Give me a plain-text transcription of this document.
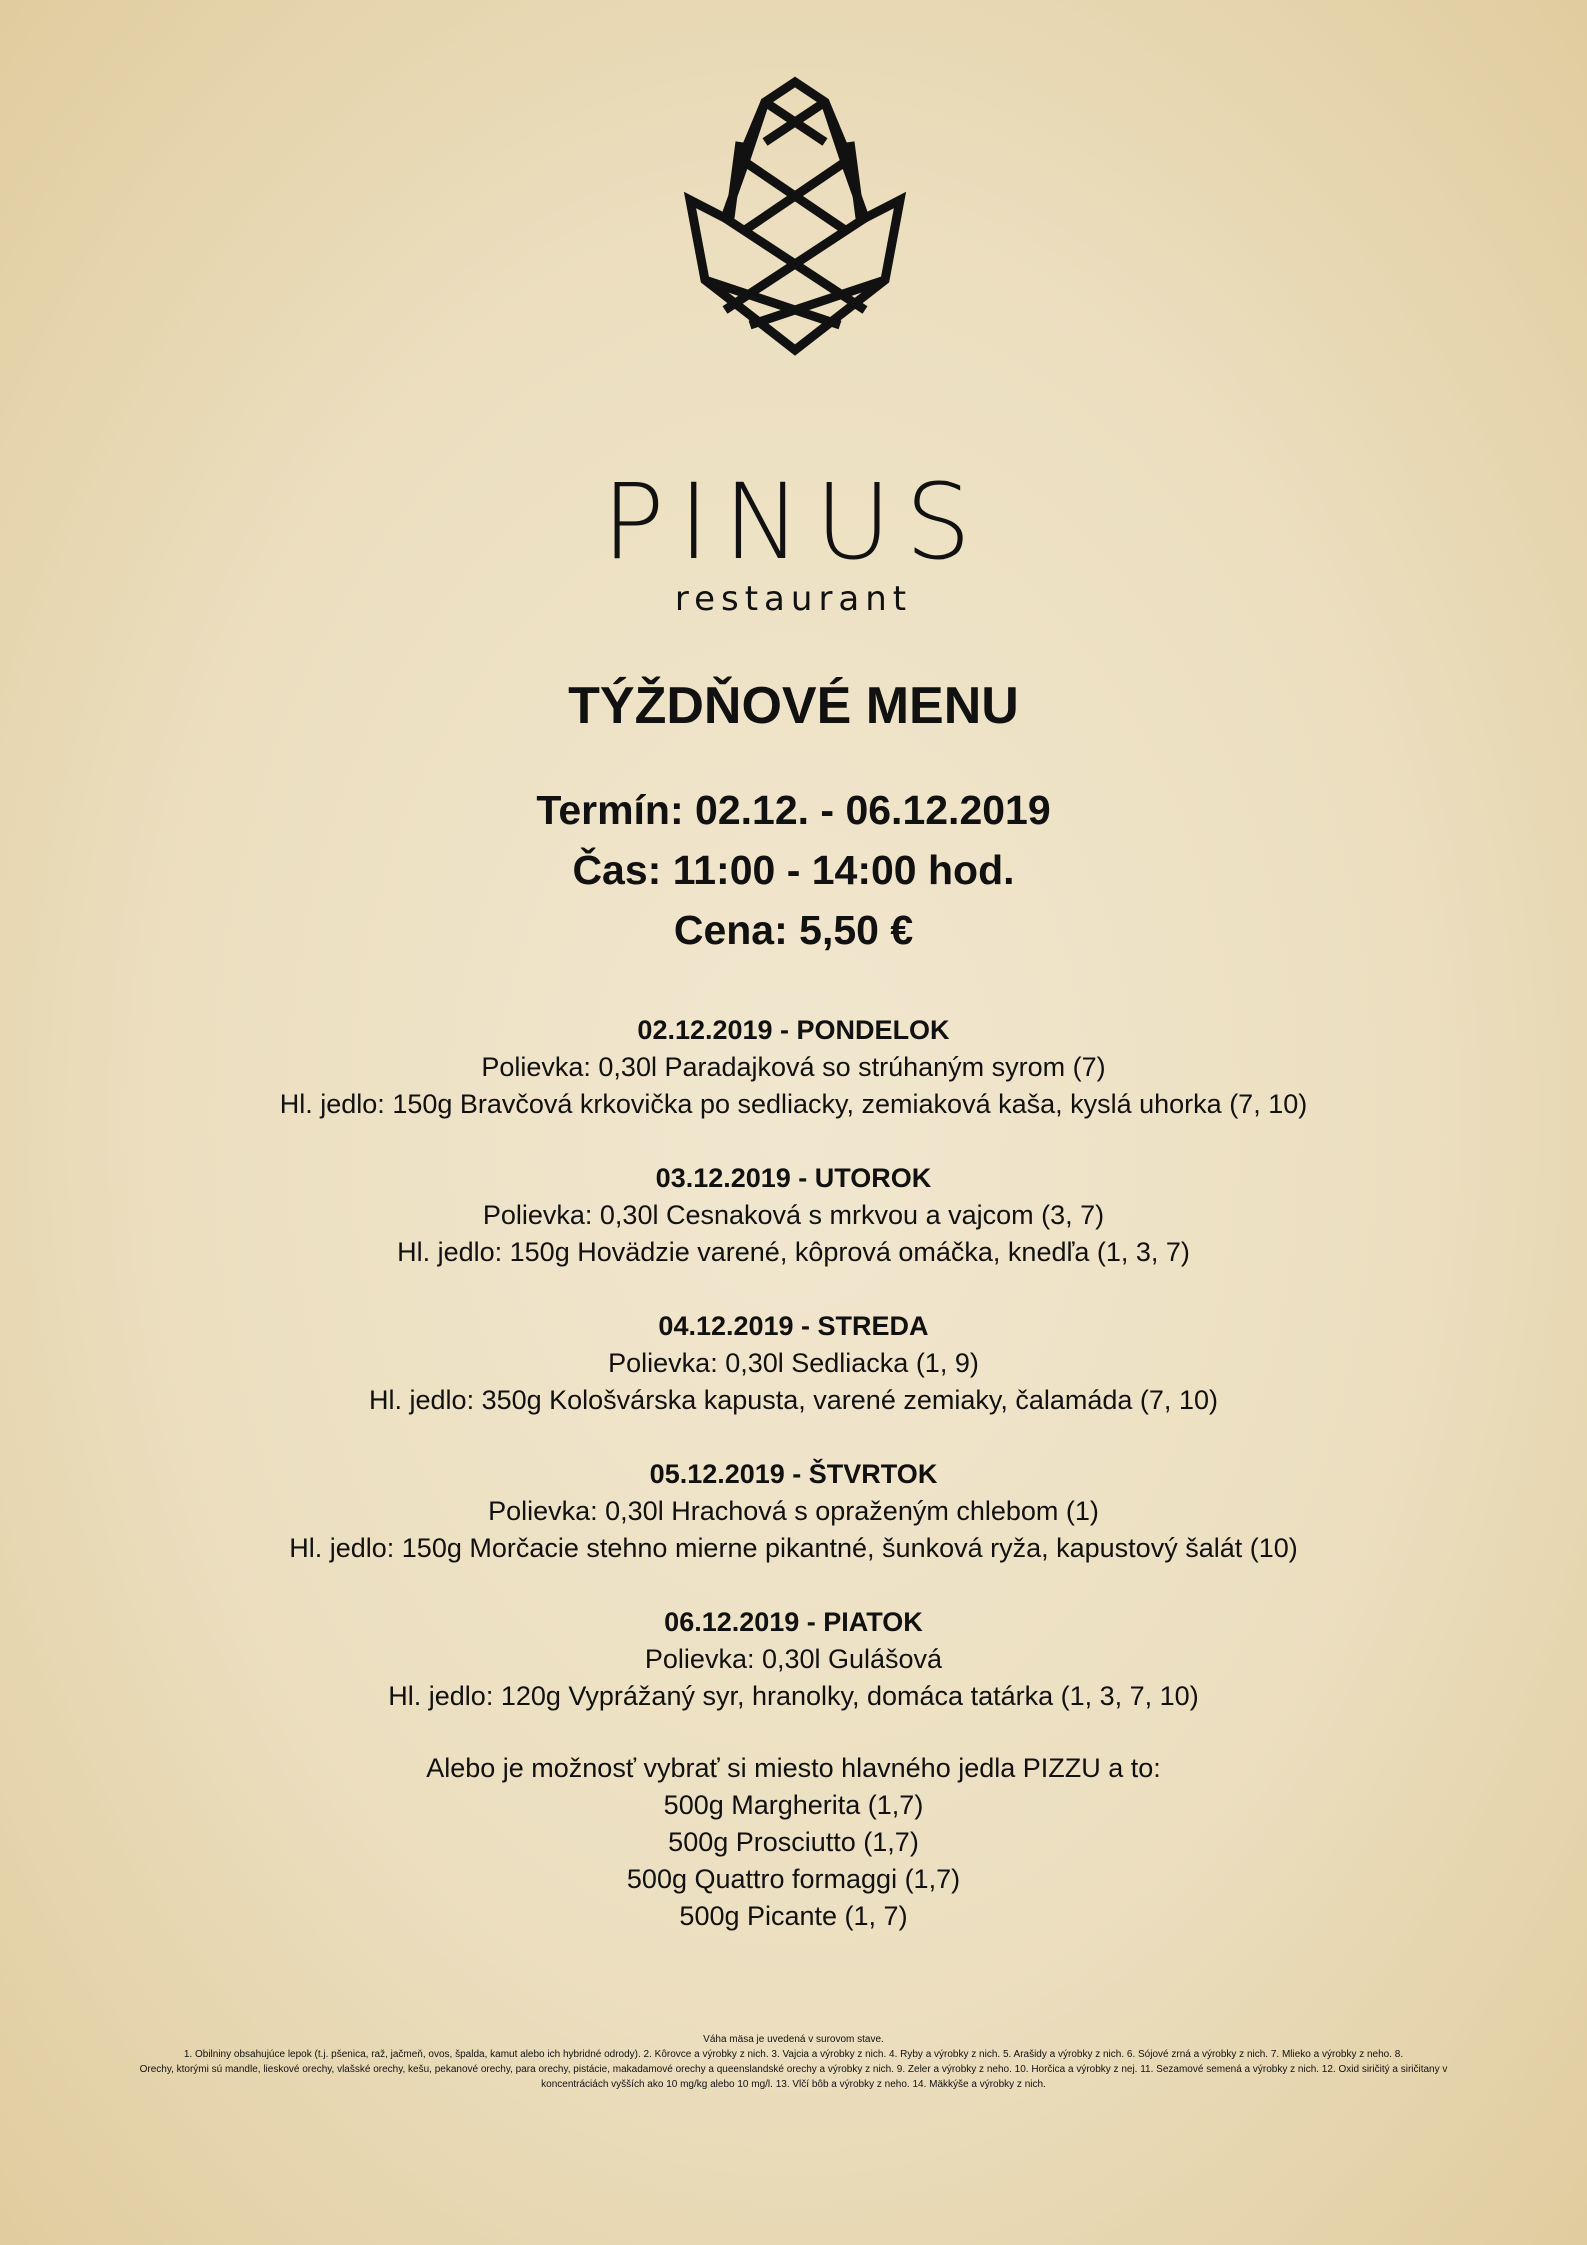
PINUS
restaurant
TÝŽDŇOVÉ MENU
Termín: 02.12. - 06.12.2019
Čas: 11:00 - 14:00 hod.
Cena: 5,50 €
02.12.2019 - PONDELOK
Polievka: 0,30l Paradajková so strúhaným syrom (7)
Hl. jedlo: 150g Bravčová krkovička po sedliacky, zemiaková kaša, kyslá uhorka (7, 10)
03.12.2019 - UTOROK
Polievka: 0,30l Cesnaková s mrkvou a vajcom (3, 7)
Hl. jedlo: 150g Hovädzie varené, kôprová omáčka, knedľa (1, 3, 7)
04.12.2019 - STREDA
Polievka: 0,30l Sedliacka (1, 9)
Hl. jedlo: 350g Kološvárska kapusta, varené zemiaky, čalamáda (7, 10)
05.12.2019 - ŠTVRTOK
Polievka: 0,30l Hrachová s opraženým chlebom (1)
Hl. jedlo: 150g Morčacie stehno mierne pikantné, šunková ryža, kapustový šalát (10)
06.12.2019 - PIATOK
Polievka: 0,30l Gulášová
Hl. jedlo: 120g Vyprážaný syr, hranolky, domáca tatárka (1, 3, 7, 10)
Alebo je možnosť vybrať si miesto hlavného jedla PIZZU a to:
500g Margherita (1,7)
500g Prosciutto (1,7)
500g Quattro formaggi (1,7)
500g Picante (1, 7)
Váha mäsa je uvedená v surovom stave.
1. Obilniny obsahujúce lepok (t.j. pšenica, raž, jačmeň, ovos, špalda, kamut alebo ich hybridné odrody). 2. Kôrovce a výrobky z nich. 3. Vajcia a výrobky z nich. 4. Ryby a výrobky z nich. 5. Arašidy a výrobky z nich. 6. Sójové zrná a výrobky z nich. 7. Mlieko a výrobky z neho. 8.
Orechy, ktorými sú mandle, lieskové orechy, vlašské orechy, kešu, pekanové orechy, para orechy, pistácie, makadamové orechy a queenslandské orechy a výrobky z nich. 9. Zeler a výrobky z neho. 10. Horčica a výrobky z nej. 11. Sezamové semená a výrobky z nich. 12. Oxid siričitý a siričitany v
koncentráciách vyšších ako 10 mg/kg alebo 10 mg/l. 13. Vlčí bôb a výrobky z neho. 14. Mäkkýše a výrobky z nich.
